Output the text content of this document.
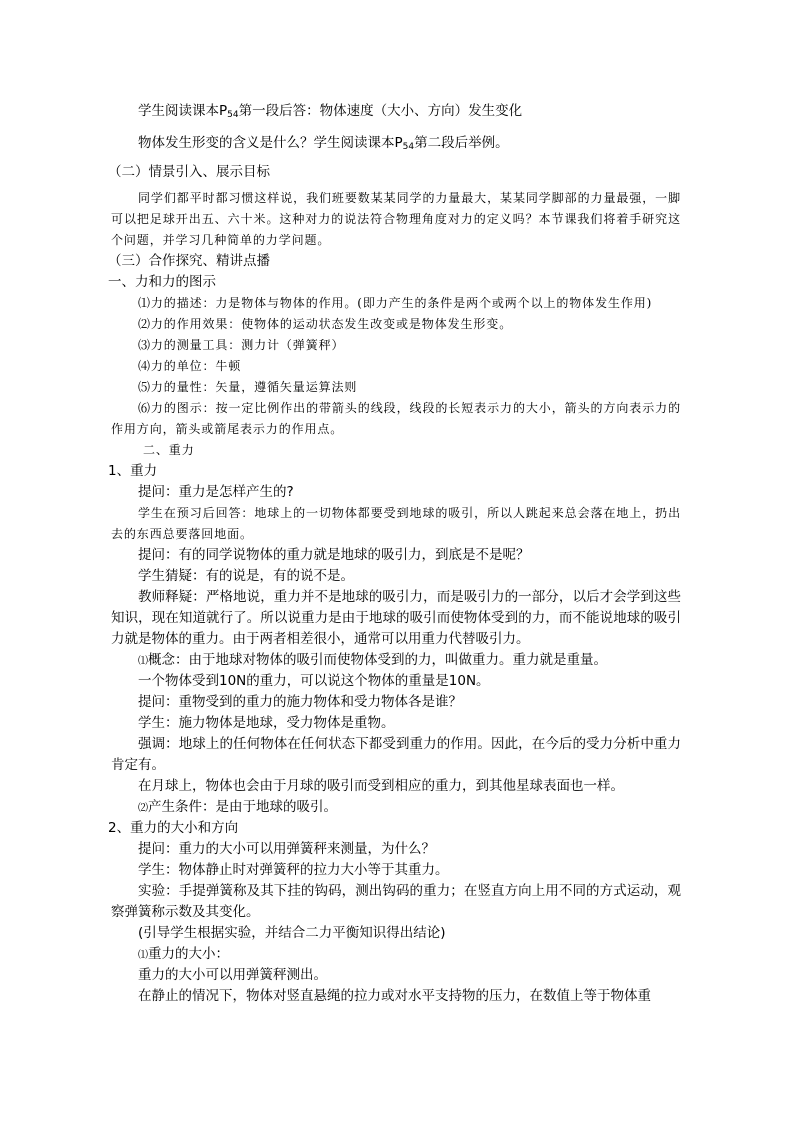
学生阅读课本$P_{54}$第一段后答：物体速度（大小、方向）发生变化

物体发生形变的含义是什么？学生阅读课本$P_{54}$第二段后举例。

（二）情景引入、展示目标

同学们都平时都习惯这样说，我们班要数某某同学的力量最大，某某同学脚部的力量最强，一脚可以把足球开出五、六十米。这种对力的说法符合物理角度对力的定义吗？本节课我们将着手研究这个问题，并学习几种简单的力学问题。

（三）合作探究、精讲点播

一、力和力的图示

⑴力的描述：力是物体与物体的作用。(即力产生的条件是两个或两个以上的物体发生作用)

⑵力的作用效果：使物体的运动状态发生改变或是物体发生形变。

⑶力的测量工具：测力计（弹簧秤）

⑷力的单位：牛顿

⑸力的量性：矢量，遵循矢量运算法则

⑹力的图示：按一定比例作出的带箭头的线段，线段的长短表示力的大小，箭头的方向表示力的作用方向，箭头或箭尾表示力的作用点。

二、重力

1、重力

提问：重力是怎样产生的?

学生在预习后回答：地球上的一切物体都要受到地球的吸引，所以人跳起来总会落在地上，扔出去的东西总要落回地面。

提问：有的同学说物体的重力就是地球的吸引力，到底是不是呢？

学生猜疑：有的说是，有的说不是。

教师释疑：严格地说，重力并不是地球的吸引力，而是吸引力的一部分，以后才会学到这些知识，现在知道就行了。所以说重力是由于地球的吸引而使物体受到的力，而不能说地球的吸引力就是物体的重力。由于两者相差很小，通常可以用重力代替吸引力。

⑴概念：由于地球对物体的吸引而使物体受到的力，叫做重力。重力就是重量。

一个物体受到10N的重力，可以说这个物体的重量是10N。

提问：重物受到的重力的施力物体和受力物体各是谁？

学生：施力物体是地球，受力物体是重物。

强调：地球上的任何物体在任何状态下都受到重力的作用。因此，在今后的受力分析中重力肯定有。

在月球上，物体也会由于月球的吸引而受到相应的重力，到其他星球表面也一样。

⑵产生条件：是由于地球的吸引。

2、重力的大小和方向

提问：重力的大小可以用弹簧秤来测量，为什么？

学生：物体静止时对弹簧秤的拉力大小等于其重力。

实验：手提弹簧称及其下挂的钩码，测出钩码的重力；在竖直方向上用不同的方式运动，观察弹簧称示数及其变化。

(引导学生根据实验，并结合二力平衡知识得出结论)

⑴重力的大小：

重力的大小可以用弹簧秤测出。

在静止的情况下，物体对竖直悬绳的拉力或对水平支持物的压力，在数值上等于物体重
